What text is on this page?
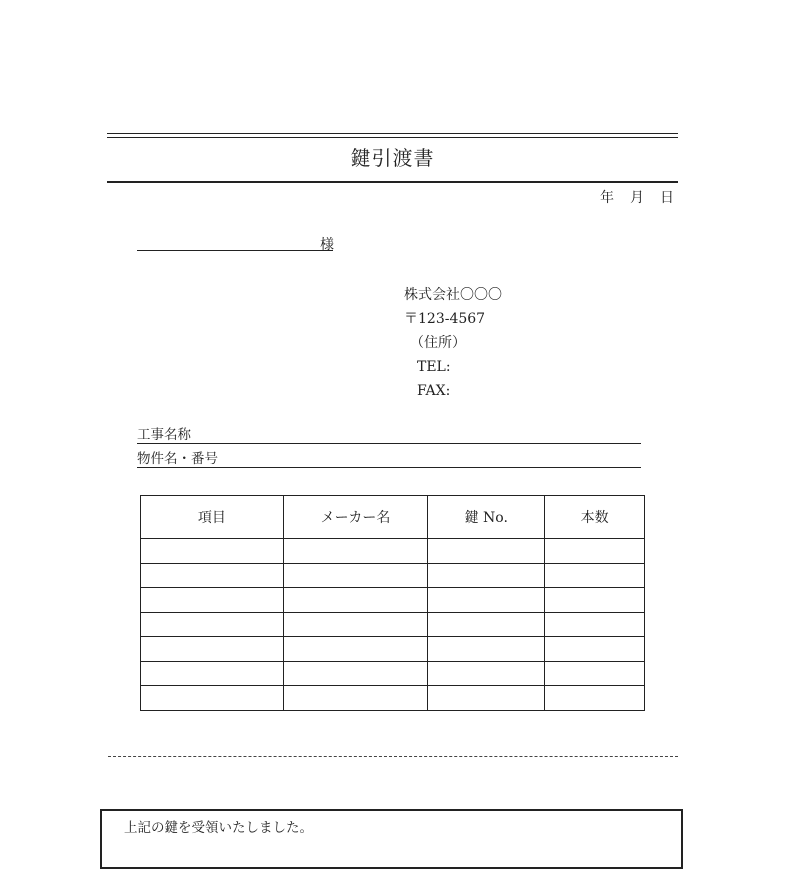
鍵引渡書
年　月　日
様
株式会社〇〇〇
〒123-4567
（住所）
TEL:
FAX:
工事名称
物件名・番号
項目	メーカー名	鍵 No.	本数

上記の鍵を受領いたしました。
